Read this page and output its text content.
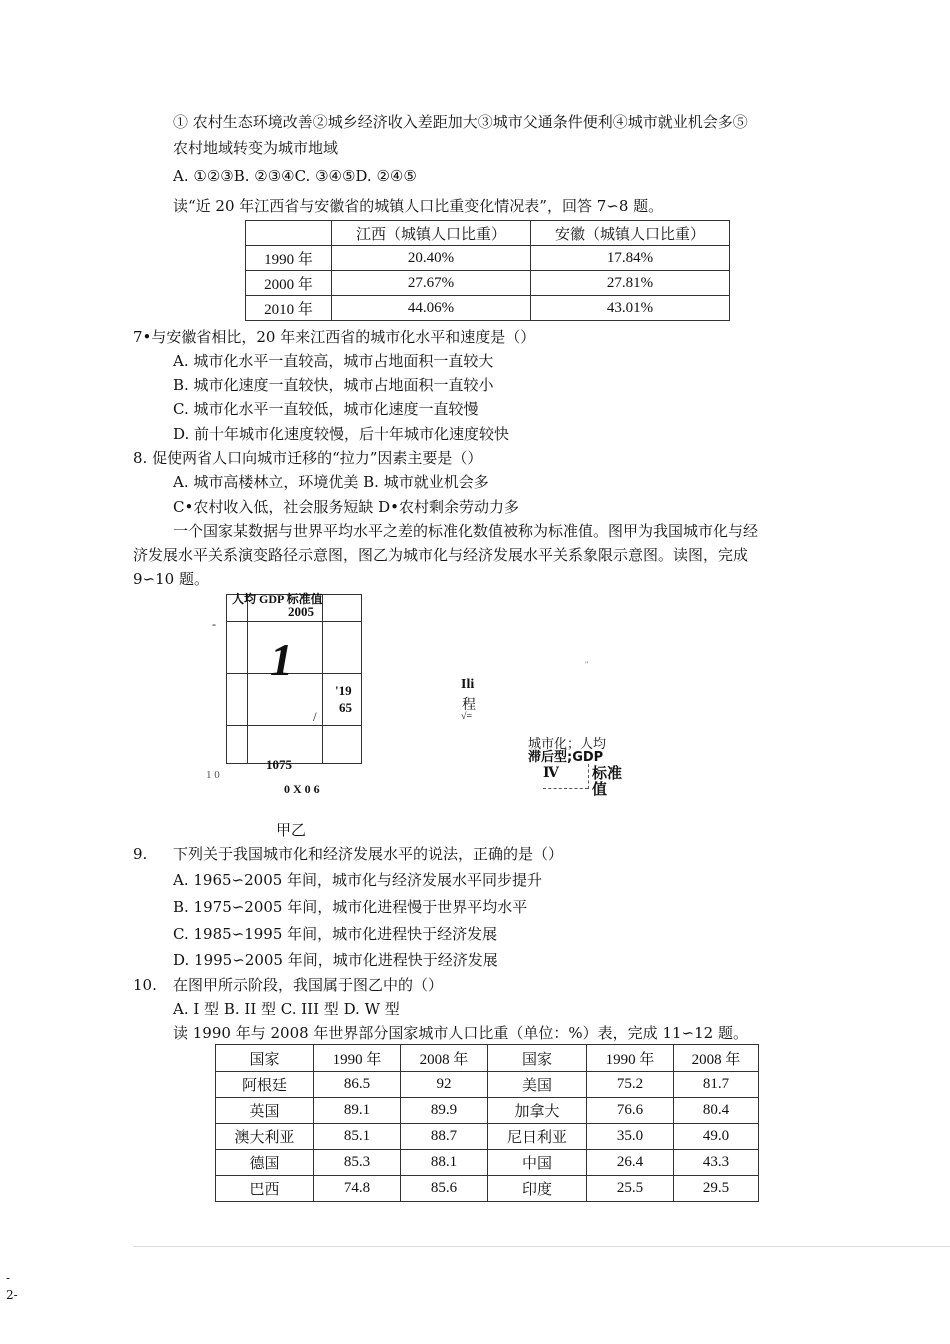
① 农村生态环境改善②城乡经济收入差距加大③城市父通条件便利④城市就业机会多⑤
农村地域转变为城市地域
A. ①②③B. ②③④C. ③④⑤D. ②④⑤
读“近 20 年江西省与安徽省的城镇人口比重变化情况表”，回答 7∽8 题。
	江西（城镇人口比重）	安徽（城镇人口比重）
1990 年	20.40%	17.84%
2000 年	27.67%	27.81%
2010 年	44.06%	43.01%
7•与安徽省相比，20 年来江西省的城市化水平和速度是（）
A. 城市化水平一直较高，城市占地面积一直较大
B. 城市化速度一直较快，城市占地面积一直较小
C. 城市化水平一直较低，城市化速度一直较慢
D. 前十年城市化速度较慢，后十年城市化速度较快
8. 促使两省人口向城市迁移的“拉力”因素主要是（）
A. 城市高楼林立，环境优美 B. 城市就业机会多
C•农村收入低，社会服务短缺 D•农村剩余劳动力多
一个国家某数据与世界平均水平之差的标准化数值被称为标准值。图甲为我国城市化与经
济发展水平关系演变路径示意图，图乙为城市化与经济发展水平关系象限示意图。读图，完成
9∽10 题。
人均 GDP 标准值
2005
-
1
'19
65
/
1075
1 0
0 X 0 6
"
Ili
程
√=
城市化；人均
滞后型;GDP
Ⅳ 标准
值
甲乙
9. 下列关于我国城市化和经济发展水平的说法，正确的是（）
A. 1965∽2005 年间，城市化与经济发展水平同步提升
B. 1975∽2005 年间，城市化进程慢于世界平均水平
C. 1985∽1995 年间，城市化进程快于经济发展
D. 1995∽2005 年间，城市化进程快于经济发展
10. 在图甲所示阶段，我国属于图乙中的（）
A. I 型 B. II 型 C. III 型 D. W 型
读 1990 年与 2008 年世界部分国家城市人口比重（单位：%）表，完成 11∽12 题。
国家	1990 年	2008 年	国家	1990 年	2008 年
阿根廷	86.5	92	美国	75.2	81.7
英国	89.1	89.9	加拿大	76.6	80.4
澳大利亚	85.1	88.7	尼日利亚	35.0	49.0
德国	85.3	88.1	中国	26.4	43.3
巴西	74.8	85.6	印度	25.5	29.5
-
2-
